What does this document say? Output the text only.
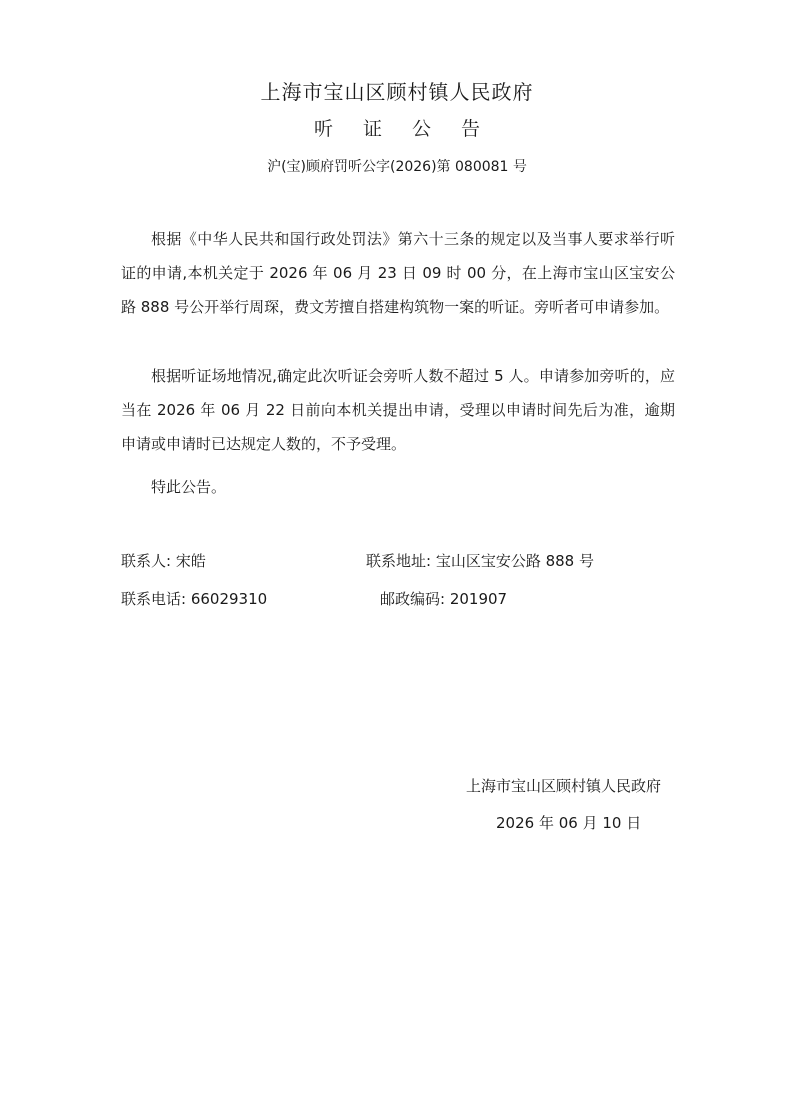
上海市宝山区顾村镇人民政府
听 证 公 告
沪(宝)顾府罚听公字(2026)第 080081 号

根据《中华人民共和国行政处罚法》第六十三条的规定以及当事人要求举行听证的申请,本机关定于 2026 年 06 月 23 日 09 时 00 分，在上海市宝山区宝安公路 888 号公开举行周琛，费文芳擅自搭建构筑物一案的听证。旁听者可申请参加。

根据听证场地情况,确定此次听证会旁听人数不超过 5 人。申请参加旁听的，应当在 2026 年 06 月 22 日前向本机关提出申请，受理以申请时间先后为准，逾期申请或申请时已达规定人数的，不予受理。

特此公告。

联系人: 宋皓	联系地址: 宝山区宝安公路 888 号
联系电话: 66029310	邮政编码: 201907
上海市宝山区顾村镇人民政府
2026 年 06 月 10 日
